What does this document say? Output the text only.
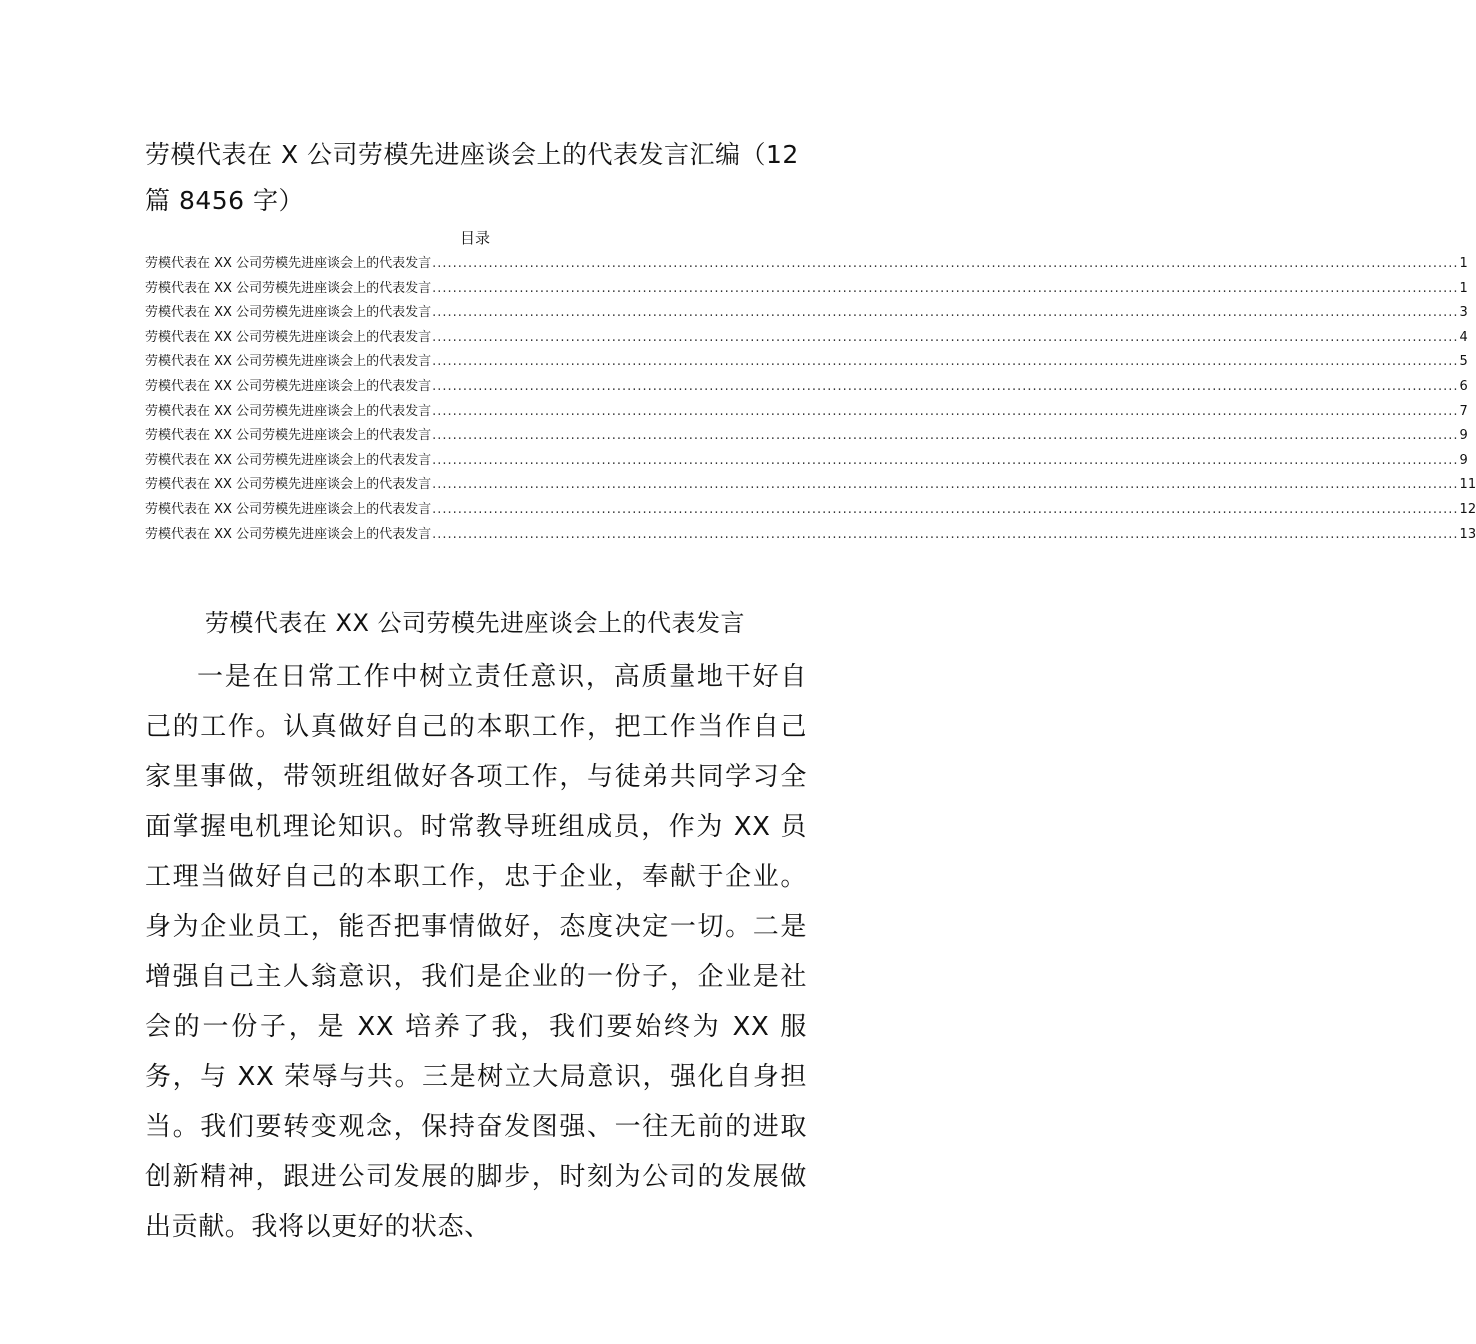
劳模代表在 X 公司劳模先进座谈会上的代表发言汇编（12 篇 8456 字）
目录
劳模代表在 XX 公司劳模先进座谈会上的代表发言 ........................................................................................................................................................................................................ 1
劳模代表在 XX 公司劳模先进座谈会上的代表发言 ........................................................................................................................................................................................................ 1
劳模代表在 XX 公司劳模先进座谈会上的代表发言 ........................................................................................................................................................................................................ 3
劳模代表在 XX 公司劳模先进座谈会上的代表发言 ........................................................................................................................................................................................................ 4
劳模代表在 XX 公司劳模先进座谈会上的代表发言 ........................................................................................................................................................................................................ 5
劳模代表在 XX 公司劳模先进座谈会上的代表发言 ........................................................................................................................................................................................................ 6
劳模代表在 XX 公司劳模先进座谈会上的代表发言 ........................................................................................................................................................................................................ 7
劳模代表在 XX 公司劳模先进座谈会上的代表发言 ........................................................................................................................................................................................................ 9
劳模代表在 XX 公司劳模先进座谈会上的代表发言 ........................................................................................................................................................................................................ 9
劳模代表在 XX 公司劳模先进座谈会上的代表发言 ........................................................................................................................................................................................................ 11
劳模代表在 XX 公司劳模先进座谈会上的代表发言 ........................................................................................................................................................................................................ 12
劳模代表在 XX 公司劳模先进座谈会上的代表发言 ........................................................................................................................................................................................................ 13
劳模代表在 XX 公司劳模先进座谈会上的代表发言

一是在日常工作中树立责任意识，高质量地干好自己的工作。认真做好自己的本职工作，把工作当作自己家里事做，带领班组做好各项工作，与徒弟共同学习全面掌握电机理论知识。时常教导班组成员，作为 XX 员工理当做好自己的本职工作，忠于企业，奉献于企业。身为企业员工，能否把事情做好，态度决定一切。二是增强自己主人翁意识，我们是企业的一份子，企业是社会的一份子，是 XX 培养了我，我们要始终为 XX 服务，与 XX 荣辱与共。三是树立大局意识，强化自身担当。我们要转变观念，保持奋发图强、一往无前的进取创新精神，跟进公司发展的脚步，时刻为公司的发展做出贡献。我将以更好的状态、
